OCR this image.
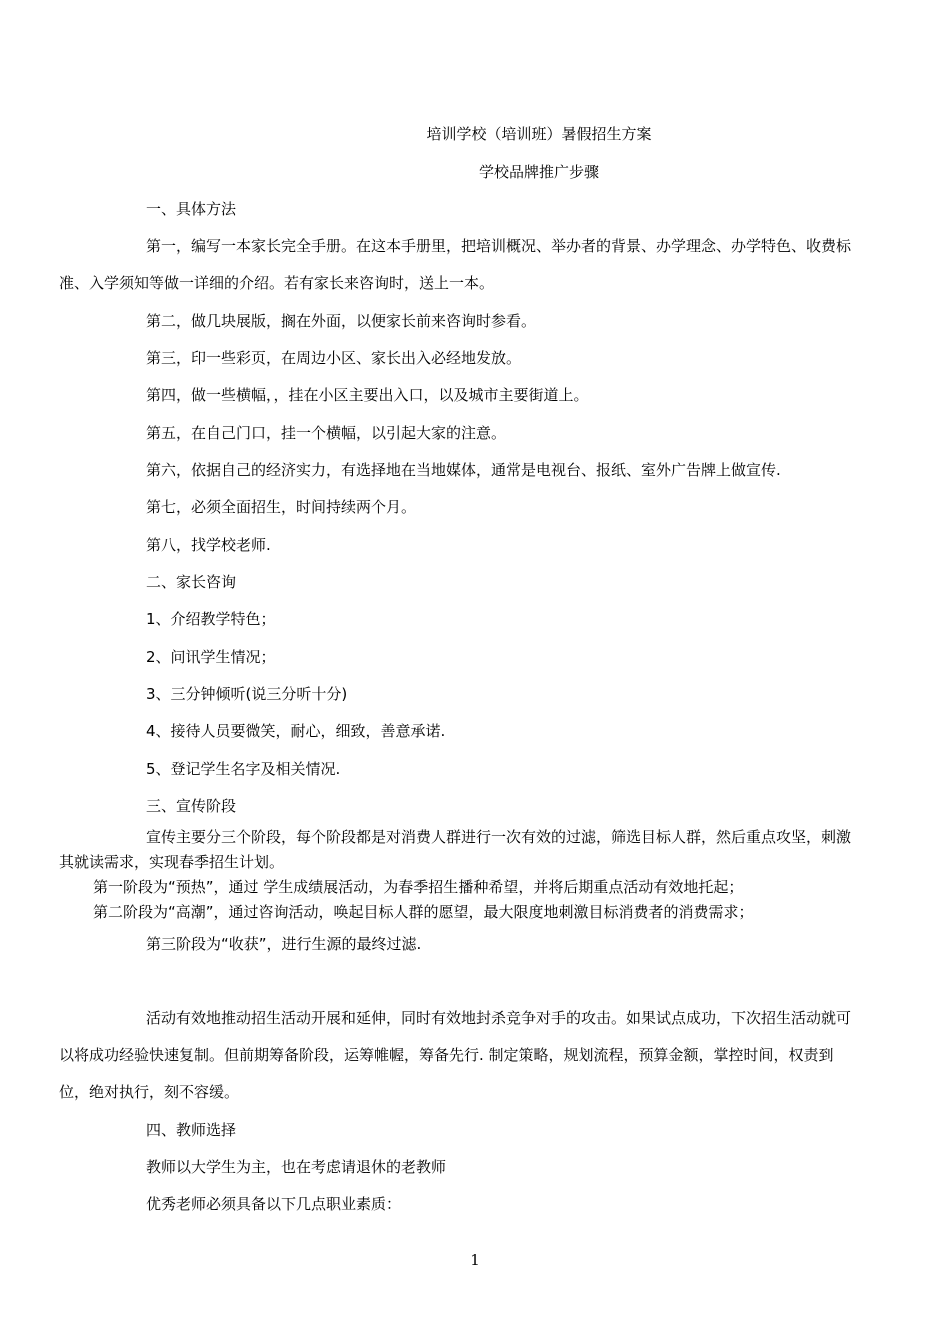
培训学校（培训班）暑假招生方案
学校品牌推广步骤
一、具体方法
第一，编写一本家长完全手册。在这本手册里，把培训概况、举办者的背景、办学理念、办学特色、收费标
准、入学须知等做一详细的介绍。若有家长来咨询时，送上一本。
第二，做几块展版，搁在外面，以便家长前来咨询时参看。
第三，印一些彩页，在周边小区、家长出入必经地发放。
第四，做一些横幅，，挂在小区主要出入口，以及城市主要街道上。
第五，在自己门口，挂一个横幅，以引起大家的注意。
第六，依据自己的经济实力，有选择地在当地媒体，通常是电视台、报纸、室外广告牌上做宣传.
第七，必须全面招生，时间持续两个月。
第八，找学校老师.
二、家长咨询
1、介绍教学特色；
2、问讯学生情况；
3、三分钟倾听(说三分听十分)
4、接待人员要微笑，耐心，细致，善意承诺.
5、登记学生名字及相关情况.
三、宣传阶段
宣传主要分三个阶段，每个阶段都是对消费人群进行一次有效的过滤，筛选目标人群，然后重点攻坚，刺激
其就读需求，实现春季招生计划。
第一阶段为“预热”，通过 学生成绩展活动，为春季招生播种希望，并将后期重点活动有效地托起；
第二阶段为“高潮”，通过咨询活动，唤起目标人群的愿望，最大限度地刺激目标消费者的消费需求；
第三阶段为“收获”，进行生源的最终过滤.
活动有效地推动招生活动开展和延伸，同时有效地封杀竞争对手的攻击。如果试点成功，下次招生活动就可
以将成功经验快速复制。但前期筹备阶段，运筹帷幄，筹备先行. 制定策略，规划流程，预算金额，掌控时间，权责到
位，绝对执行，刻不容缓。
四、教师选择
教师以大学生为主，也在考虑请退休的老教师
优秀老师必须具备以下几点职业素质：
1
